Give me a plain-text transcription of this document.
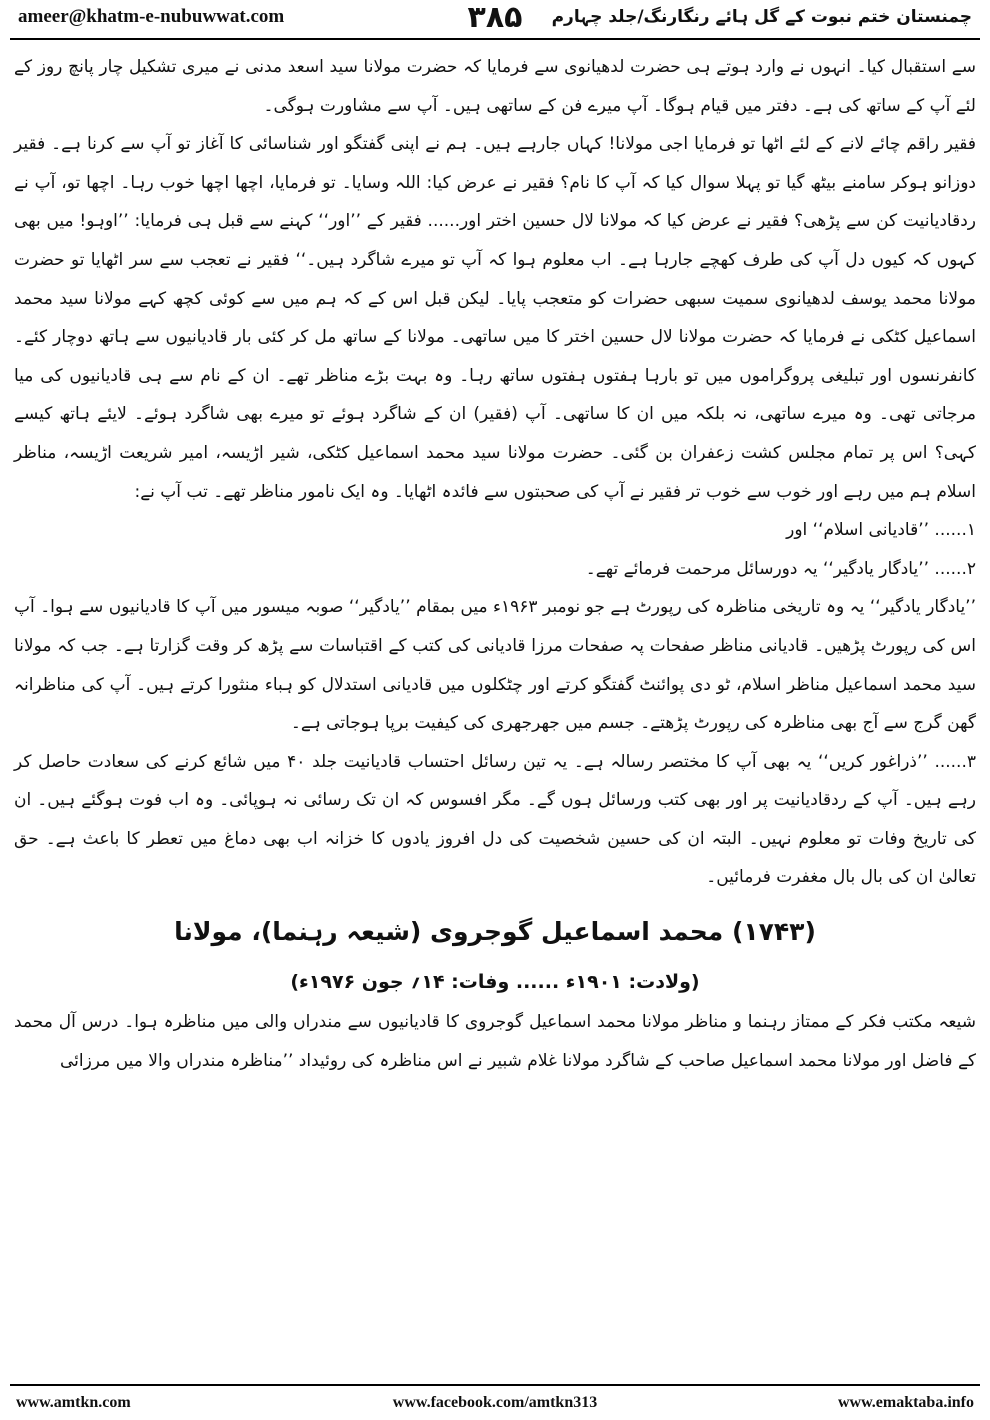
ameer@khatm-e-nubuwwat.com	۳۸۵	چمنستان ختم نبوت کے گل ہائے رنگارنگ/جلد چہارم

سے استقبال کیا۔ انہوں نے وارد ہوتے ہی حضرت لدھیانوی سے فرمایا کہ حضرت مولانا سید اسعد مدنی نے میری تشکیل چار پانچ روز کے لئے آپ کے ساتھ کی ہے۔ دفتر میں قیام ہوگا۔ آپ میرے فن کے ساتھی ہیں۔ آپ سے مشاورت ہوگی۔

فقیر راقم چائے لانے کے لئے اٹھا تو فرمایا اجی مولانا! کہاں جارہے ہیں۔ ہم نے اپنی گفتگو اور شناسائی کا آغاز تو آپ سے کرنا ہے۔ فقیر دوزانو ہوکر سامنے بیٹھ گیا تو پہلا سوال کیا کہ آپ کا نام؟ فقیر نے عرض کیا: اللہ وسایا۔ تو فرمایا، اچھا اچھا خوب رہا۔ اچھا تو، آپ نے ردقادیانیت کن سے پڑھی؟ فقیر نے عرض کیا کہ مولانا لال حسین اختر اور...... فقیر کے ’’اور‘‘ کہنے سے قبل ہی فرمایا: ’’اوہو! میں بھی کہوں کہ کیوں دل آپ کی طرف کھچے جارہا ہے۔ اب معلوم ہوا کہ آپ تو میرے شاگرد ہیں۔‘‘ فقیر نے تعجب سے سر اٹھایا تو حضرت مولانا محمد یوسف لدھیانوی سمیت سبھی حضرات کو متعجب پایا۔ لیکن قبل اس کے کہ ہم میں سے کوئی کچھ کہے مولانا سید محمد اسماعیل کٹکی نے فرمایا کہ حضرت مولانا لال حسین اختر کا میں ساتھی۔ مولانا کے ساتھ مل کر کئی بار قادیانیوں سے ہاتھ دوچار کئے۔ کانفرنسوں اور تبلیغی پروگراموں میں تو بارہا ہفتوں ہفتوں ساتھ رہا۔ وہ بہت بڑے مناظر تھے۔ ان کے نام سے ہی قادیانیوں کی میا مرجاتی تھی۔ وہ میرے ساتھی، نہ بلکہ میں ان کا ساتھی۔ آپ (فقیر) ان کے شاگرد ہوئے تو میرے بھی شاگرد ہوئے۔ لایئے ہاتھ کیسے کہی؟ اس پر تمام مجلس کشت زعفران بن گئی۔ حضرت مولانا سید محمد اسماعیل کٹکی، شیر اڑیسہ، امیر شریعت اڑیسہ، مناظر اسلام ہم میں رہے اور خوب سے خوب تر فقیر نے آپ کی صحبتوں سے فائدہ اٹھایا۔ وہ ایک نامور مناظر تھے۔ تب آپ نے:

۱...... ’’قادیانی اسلام‘‘ اور

۲...... ’’یادگار یادگیر‘‘ یہ دورسائل مرحمت فرمائے تھے۔

’’یادگار یادگیر‘‘ یہ وہ تاریخی مناظرہ کی رپورٹ ہے جو نومبر ۱۹۶۳ء میں بمقام ’’یادگیر‘‘ صوبہ میسور میں آپ کا قادیانیوں سے ہوا۔ آپ اس کی رپورٹ پڑھیں۔ قادیانی مناظر صفحات پہ صفحات مرزا قادیانی کی کتب کے اقتباسات سے پڑھ کر وقت گزارتا ہے۔ جب کہ مولانا سید محمد اسماعیل مناظر اسلام، ٹو دی پوائنٹ گفتگو کرتے اور چٹکلوں میں قادیانی استدلال کو ہباء منثورا کرتے ہیں۔ آپ کی مناظرانہ گھن گرج سے آج بھی مناظرہ کی رپورٹ پڑھتے۔ جسم میں جھرجھری کی کیفیت برپا ہوجاتی ہے۔

۳...... ’’ذراغور کریں‘‘ یہ بھی آپ کا مختصر رسالہ ہے۔ یہ تین رسائل احتساب قادیانیت جلد ۴۰ میں شائع کرنے کی سعادت حاصل کر رہے ہیں۔ آپ کے ردقادیانیت پر اور بھی کتب ورسائل ہوں گے۔ مگر افسوس کہ ان تک رسائی نہ ہوپائی۔ وہ اب فوت ہوگئے ہیں۔ ان کی تاریخ وفات تو معلوم نہیں۔ البتہ ان کی حسین شخصیت کی دل افروز یادوں کا خزانہ اب بھی دماغ میں تعطر کا باعث ہے۔ حق تعالیٰ ان کی بال بال مغفرت فرمائیں۔

(۱۷۴۳) محمد اسماعیل گوجروی (شیعہ رہنما)، مولانا
(ولادت: ۱۹۰۱ء ...... وفات: ۱۴؍ جون ۱۹۷۶ء)

شیعہ مکتب فکر کے ممتاز رہنما و مناظر مولانا محمد اسماعیل گوجروی کا قادیانیوں سے مندراں والی میں مناظرہ ہوا۔ درس آل محمد کے فاضل اور مولانا محمد اسماعیل صاحب کے شاگرد مولانا غلام شبیر نے اس مناظرہ کی روئیداد ’’مناظرہ مندراں والا میں مرزائی

www.amtkn.com	www.facebook.com/amtkn313	www.emaktaba.info
